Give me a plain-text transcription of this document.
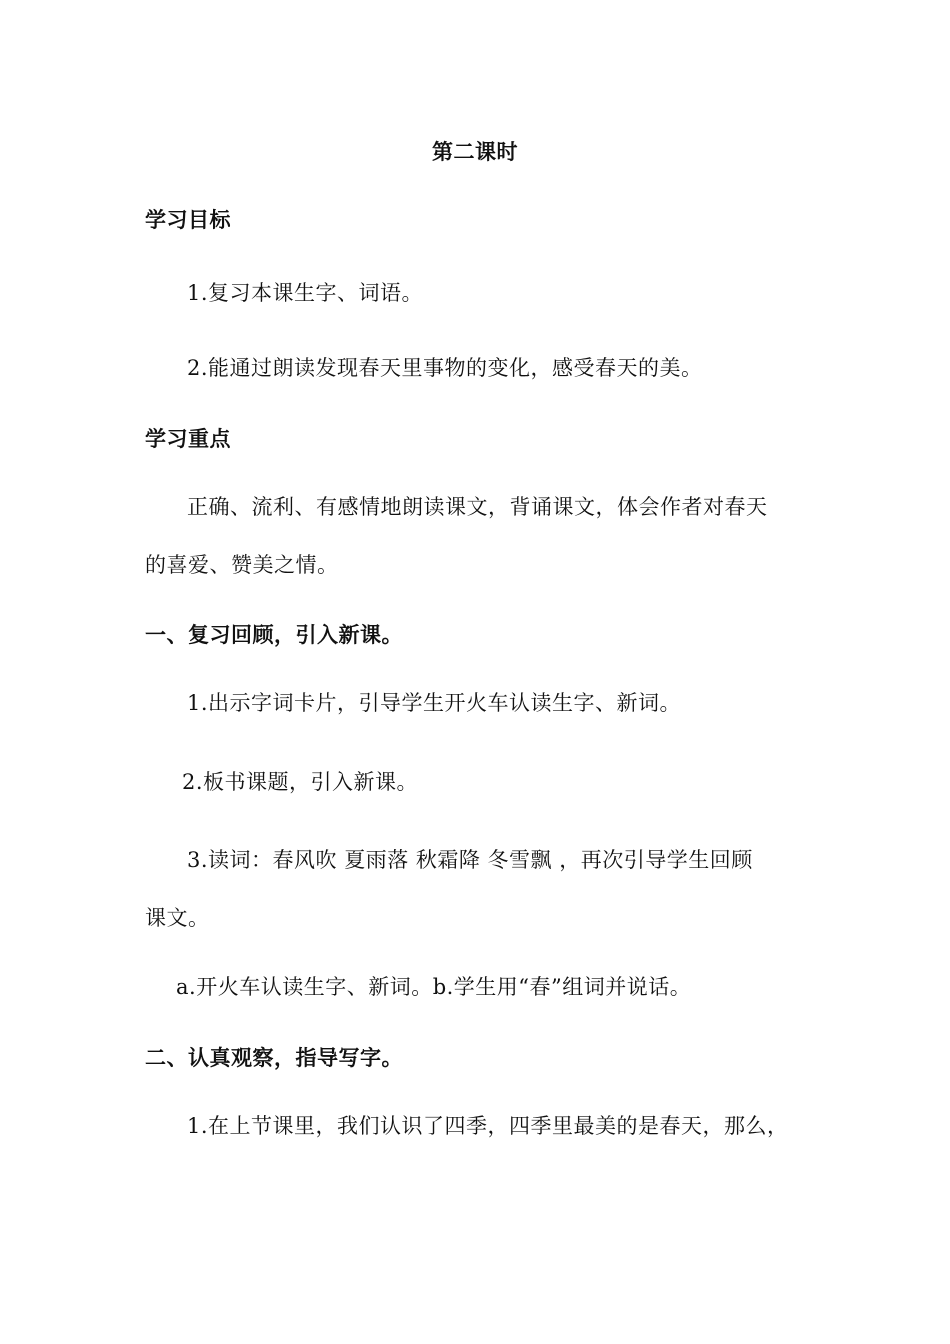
第二课时
学习目标
1.复习本课生字、词语。
2.能通过朗读发现春天里事物的变化，感受春天的美。
学习重点
正确、流利、有感情地朗读课文，背诵课文，体会作者对春天
的喜爱、赞美之情。
一、复习回顾，引入新课。
1.出示字词卡片，引导学生开火车认读生字、新词。
2.板书课题，引入新课。
3.读词：春风吹 夏雨落 秋霜降 冬雪飘 ，再次引导学生回顾
课文。
a.开火车认读生字、新词。b.学生用“春”组词并说话。
二、认真观察，指导写字。
1.在上节课里，我们认识了四季，四季里最美的是春天，那么，
